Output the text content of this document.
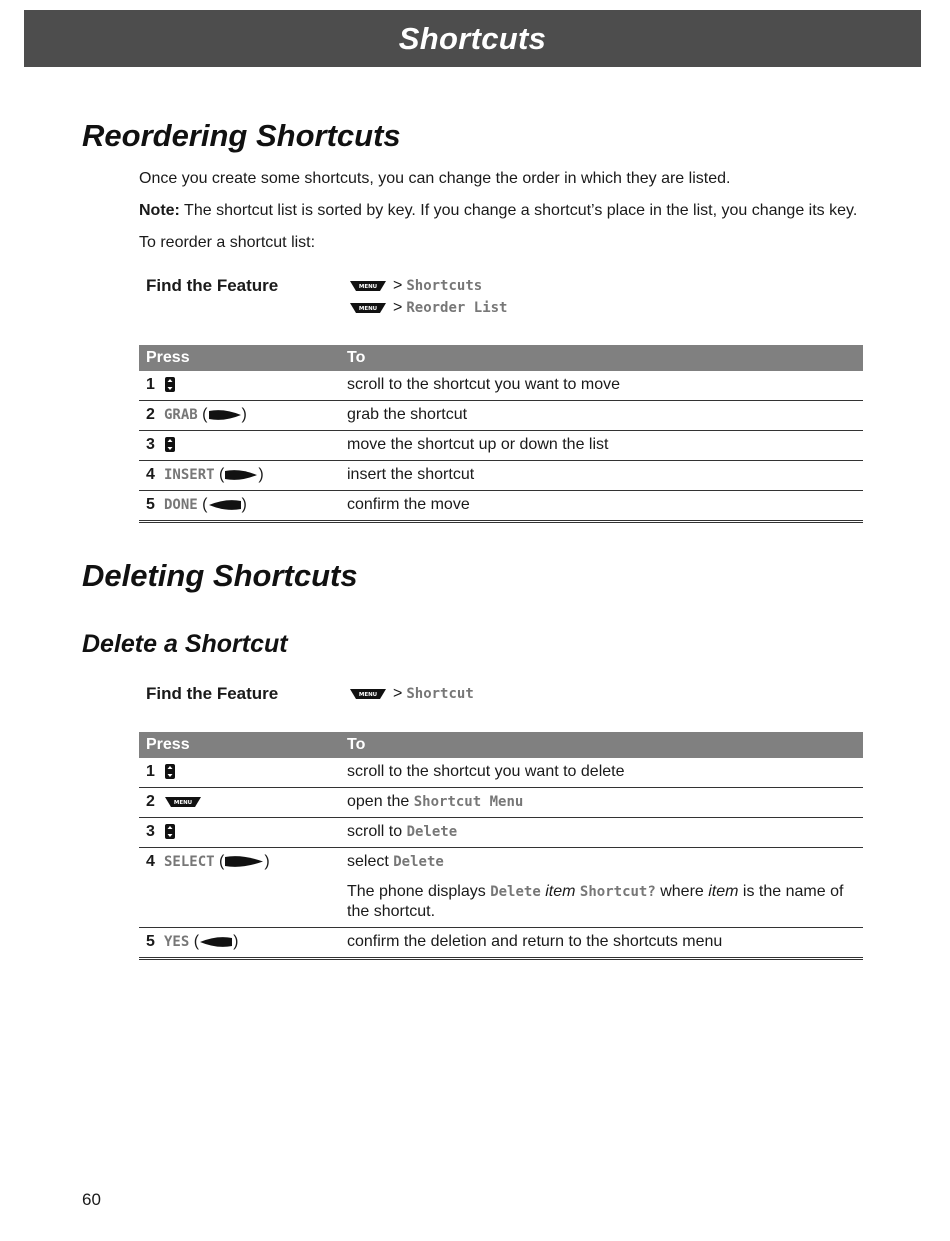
Shortcuts
Reordering Shortcuts

Once you create some shortcuts, you can change the order in which they are listed.

Note: The shortcut list is sorted by key. If you change a shortcut’s place in the list, you change its key.

To reorder a shortcut list:

Find the Feature	MENU > Shortcuts
MENU > Reorder List
Press	To
1	scroll to the shortcut you want to move
2 GRAB ( )	grab the shortcut
3	move the shortcut up or down the list
4 INSERT ( )	insert the shortcut
5 DONE ( )	confirm the move
Deleting Shortcuts
Delete a Shortcut
Find the Feature	MENU > Shortcut
Press	To
1	scroll to the shortcut you want to delete
2 MENU	open the Shortcut Menu
3	scroll to Delete
4 SELECT ( )	select Delete
The phone displays Delete item Shortcut? where item is the name of the shortcut.

5 YES ( )	confirm the deletion and return to the shortcuts menu
60
